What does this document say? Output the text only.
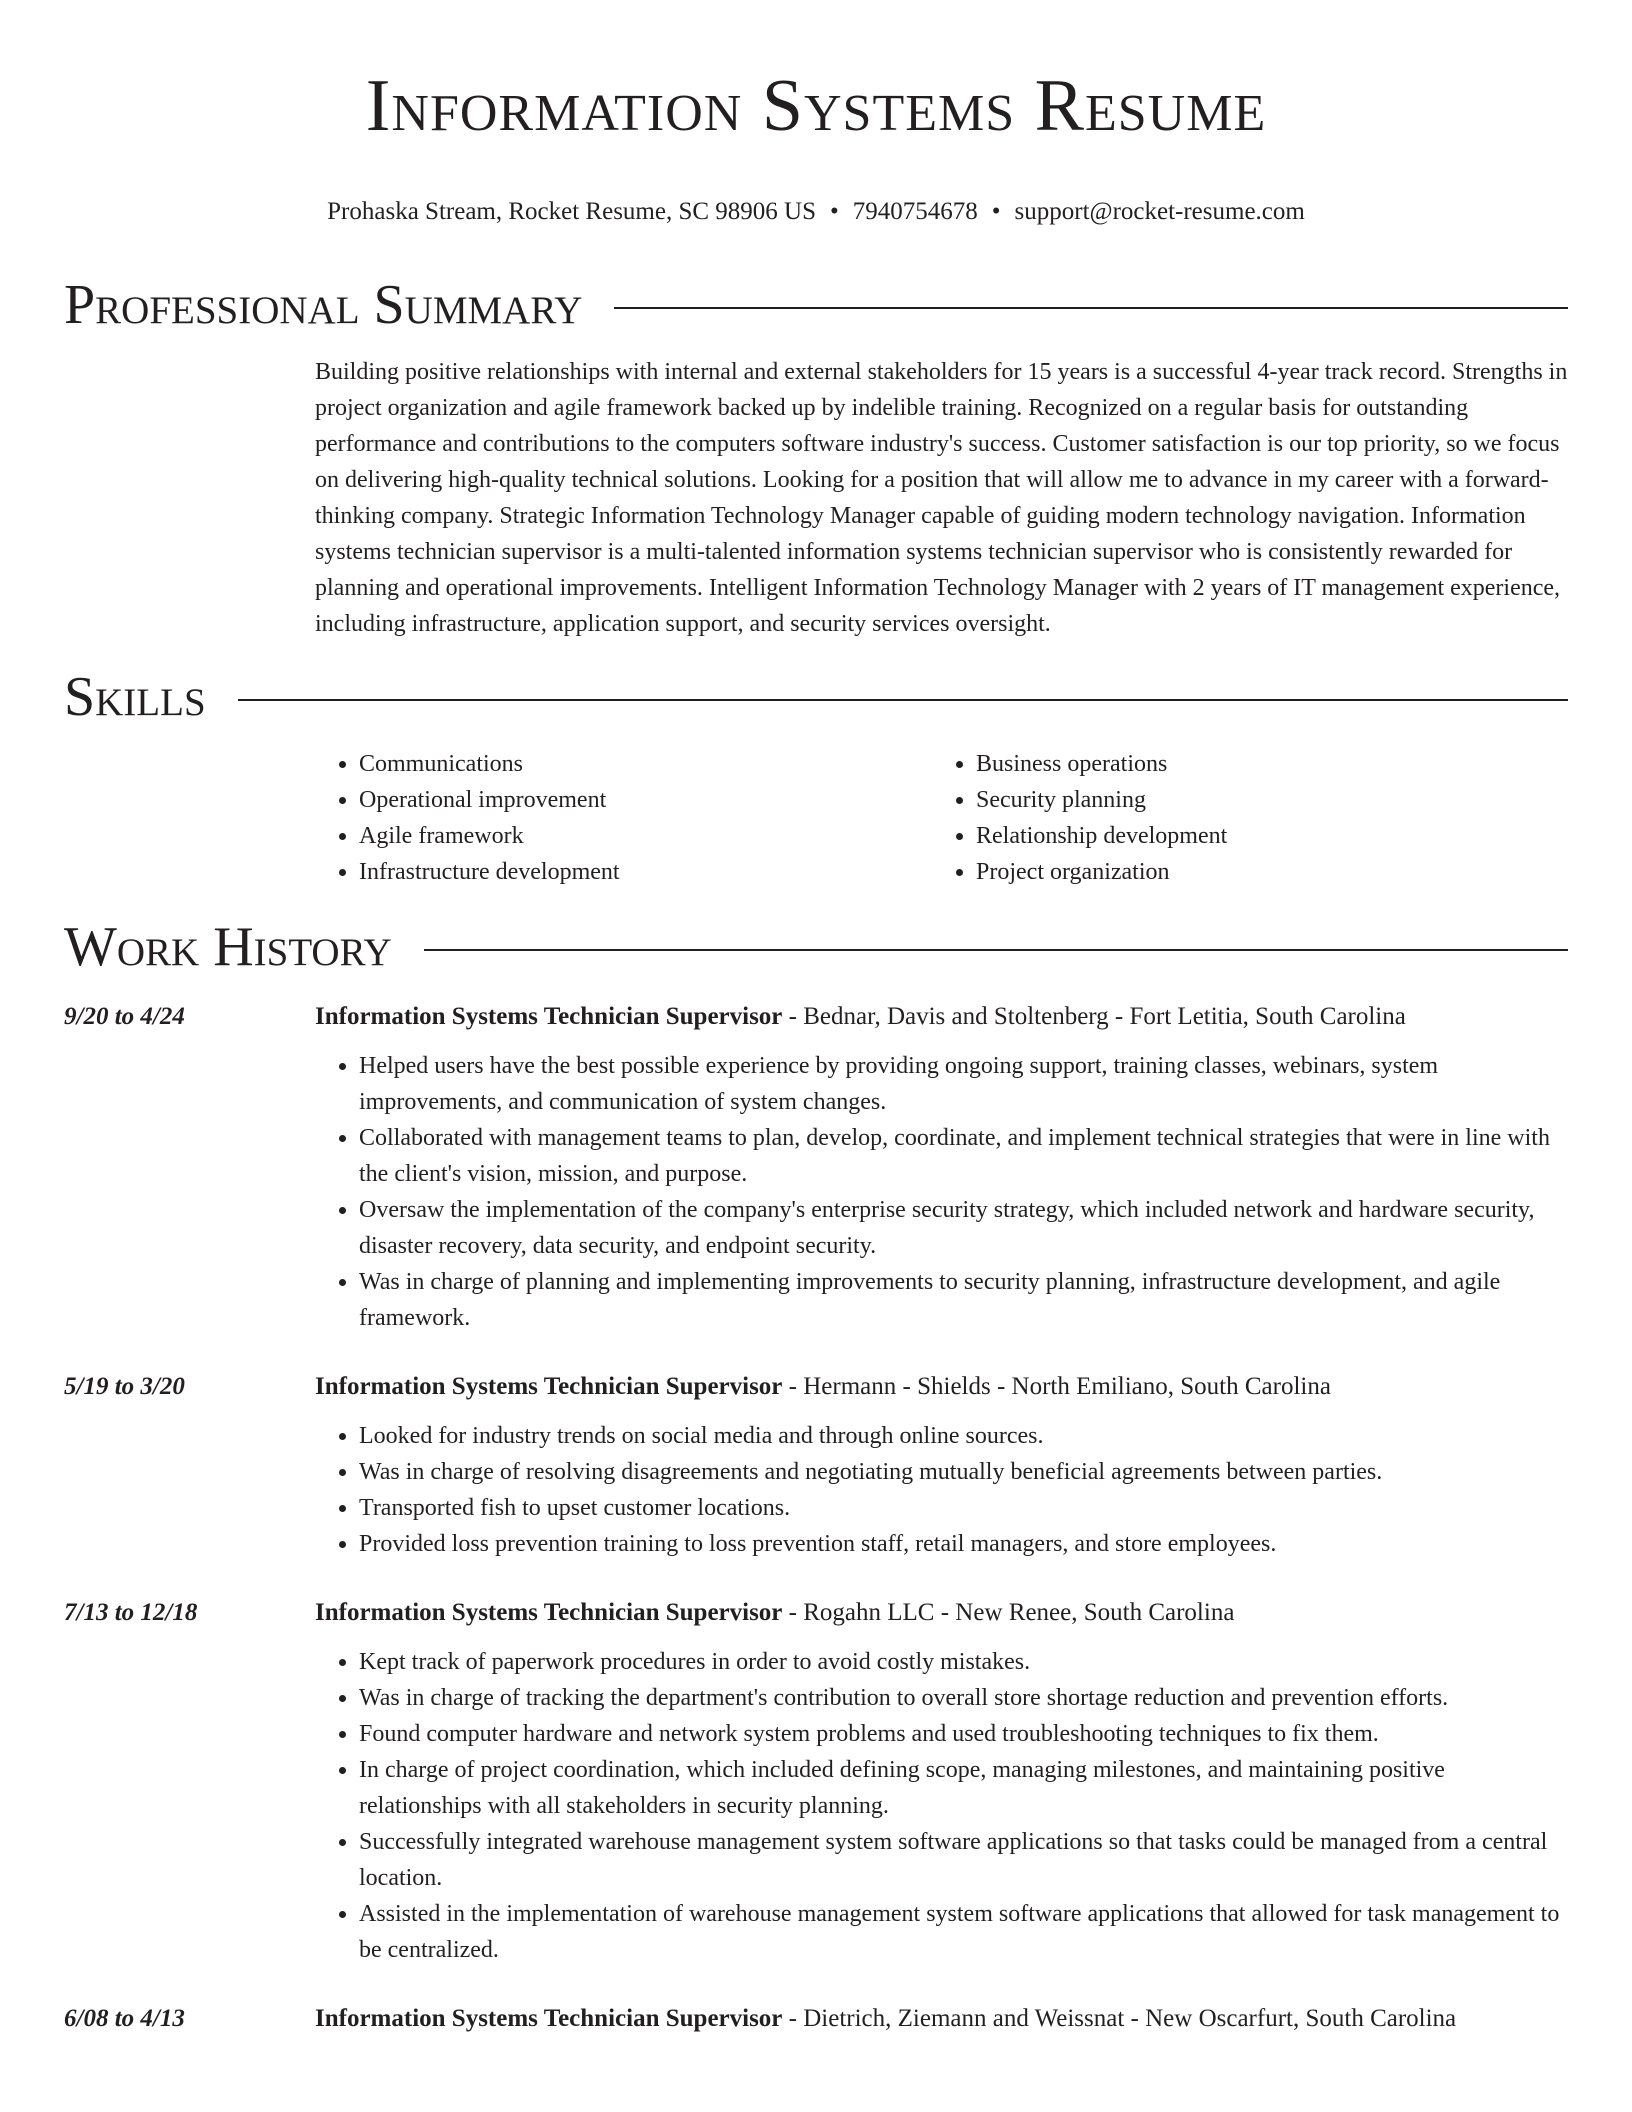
Information Systems Resume
Prohaska Stream, Rocket Resume, SC 98906 US • 7940754678 • support@rocket-resume.com
Professional Summary
Building positive relationships with internal and external stakeholders for 15 years is a successful 4-year track record. Strengths in project organization and agile framework backed up by indelible training. Recognized on a regular basis for outstanding performance and contributions to the computers software industry's success. Customer satisfaction is our top priority, so we focus on delivering high-quality technical solutions. Looking for a position that will allow me to advance in my career with a forward-thinking company. Strategic Information Technology Manager capable of guiding modern technology navigation. Information systems technician supervisor is a multi-talented information systems technician supervisor who is consistently rewarded for planning and operational improvements. Intelligent Information Technology Manager with 2 years of IT management experience, including infrastructure, application support, and security services oversight.
Skills
• Communications
• Operational improvement
• Agile framework
• Infrastructure development
• Business operations
• Security planning
• Relationship development
• Project organization
Work History
9/20 to 4/24	Information Systems Technician Supervisor - Bednar, Davis and Stoltenberg - Fort Letitia, South Carolina
• Helped users have the best possible experience by providing ongoing support, training classes, webinars, system improvements, and communication of system changes.
• Collaborated with management teams to plan, develop, coordinate, and implement technical strategies that were in line with the client's vision, mission, and purpose.
• Oversaw the implementation of the company's enterprise security strategy, which included network and hardware security, disaster recovery, data security, and endpoint security.
• Was in charge of planning and implementing improvements to security planning, infrastructure development, and agile framework.
5/19 to 3/20	Information Systems Technician Supervisor - Hermann - Shields - North Emiliano, South Carolina
• Looked for industry trends on social media and through online sources.
• Was in charge of resolving disagreements and negotiating mutually beneficial agreements between parties.
• Transported fish to upset customer locations.
• Provided loss prevention training to loss prevention staff, retail managers, and store employees.
7/13 to 12/18	Information Systems Technician Supervisor - Rogahn LLC - New Renee, South Carolina
• Kept track of paperwork procedures in order to avoid costly mistakes.
• Was in charge of tracking the department's contribution to overall store shortage reduction and prevention efforts.
• Found computer hardware and network system problems and used troubleshooting techniques to fix them.
• In charge of project coordination, which included defining scope, managing milestones, and maintaining positive relationships with all stakeholders in security planning.
• Successfully integrated warehouse management system software applications so that tasks could be managed from a central location.
• Assisted in the implementation of warehouse management system software applications that allowed for task management to be centralized.
6/08 to 4/13	Information Systems Technician Supervisor - Dietrich, Ziemann and Weissnat - New Oscarfurt, South Carolina
